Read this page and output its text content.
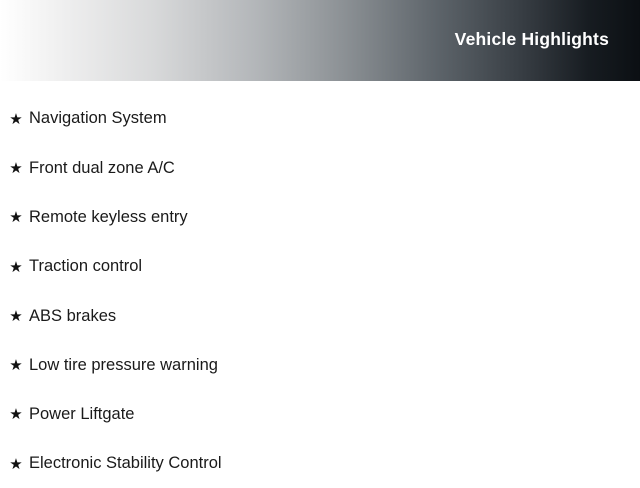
Vehicle Highlights
★ Navigation System
★ Front dual zone A/C
★ Remote keyless entry
★ Traction control
★ ABS brakes
★ Low tire pressure warning
★ Power Liftgate
★ Electronic Stability Control
